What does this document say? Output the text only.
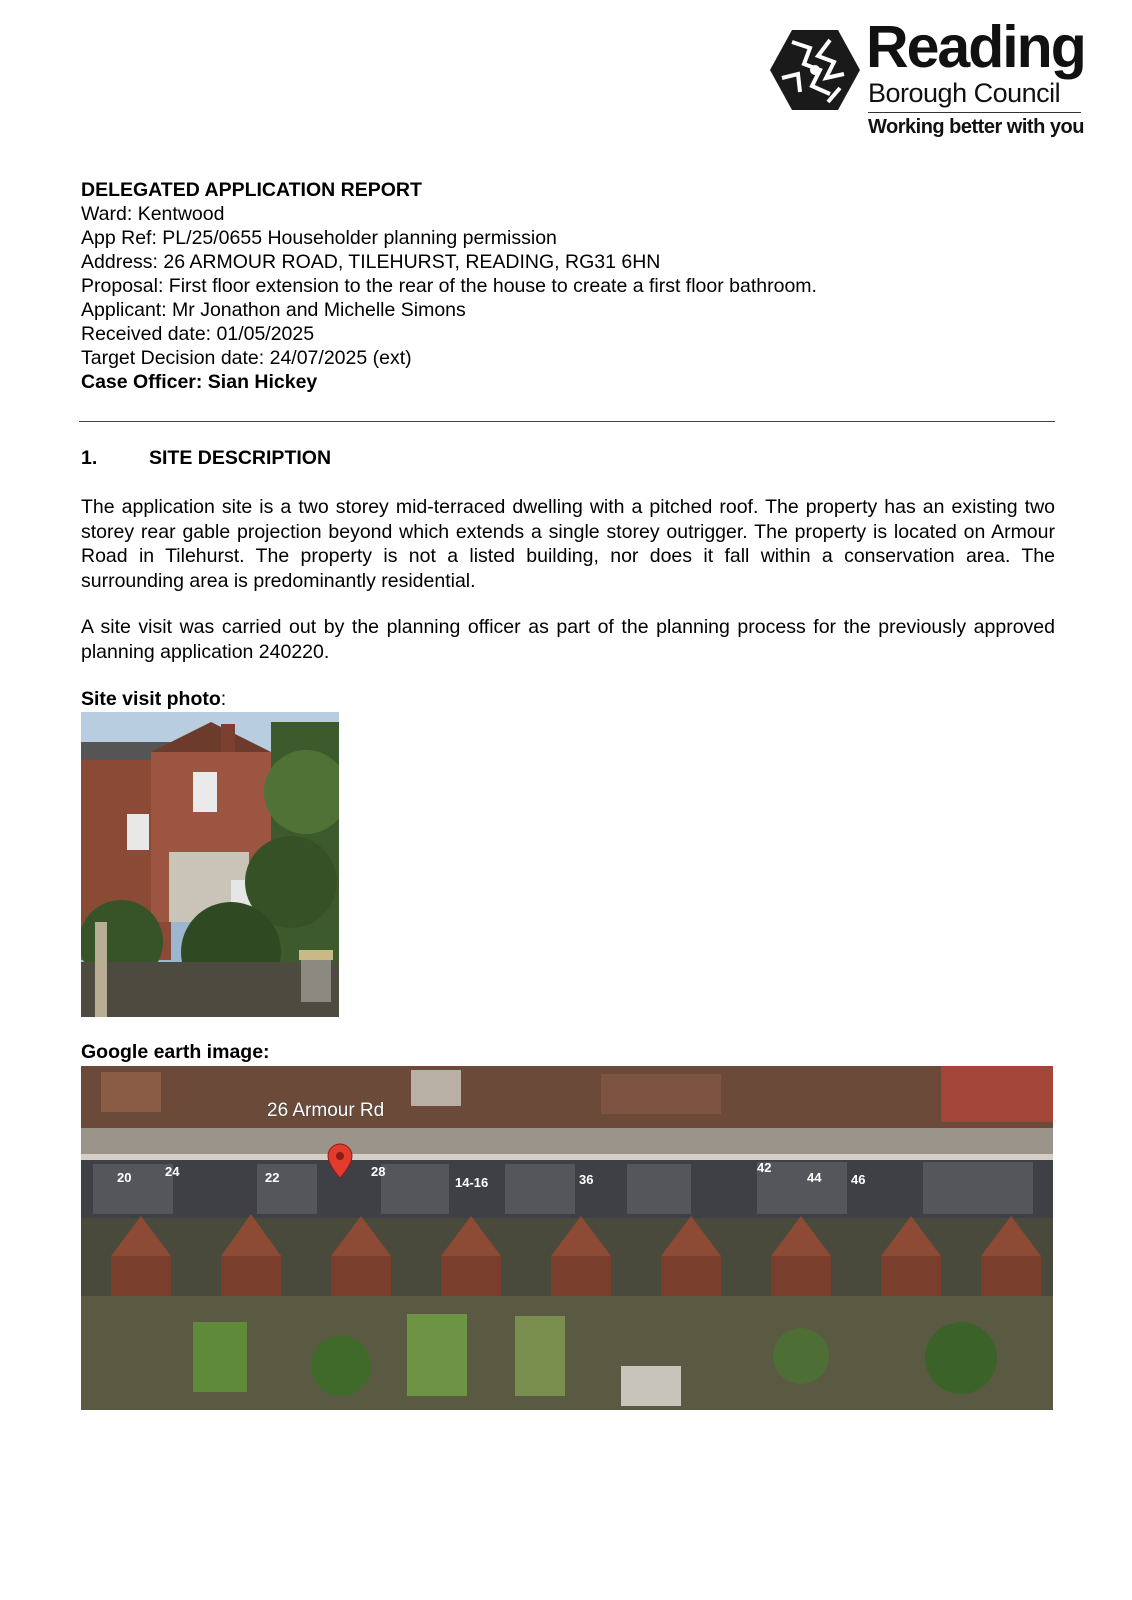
Reading
Borough Council
Working better with you
DELEGATED APPLICATION REPORT
Ward: Kentwood
App Ref: PL/25/0655 Householder planning permission
Address: 26 ARMOUR ROAD, TILEHURST, READING, RG31 6HN
Proposal: First floor extension to the rear of the house to create a first floor bathroom.
Applicant: Mr Jonathon and Michelle Simons
Received date: 01/05/2025
Target Decision date: 24/07/2025 (ext)
Case Officer: Sian Hickey
1.	SITE DESCRIPTION
The application site is a two storey mid-terraced dwelling with a pitched roof. The property has an existing two storey rear gable projection beyond which extends a single storey outrigger. The property is located on Armour Road in Tilehurst. The property is not a listed building, nor does it fall within a conservation area. The surrounding area is predominantly residential.
A site visit was carried out by the planning officer as part of the planning process for the previously approved planning application 240220.
Site visit photo:
Google earth image:
26 Armour Rd
20	24	22	28
14-16	36
42
44 46
